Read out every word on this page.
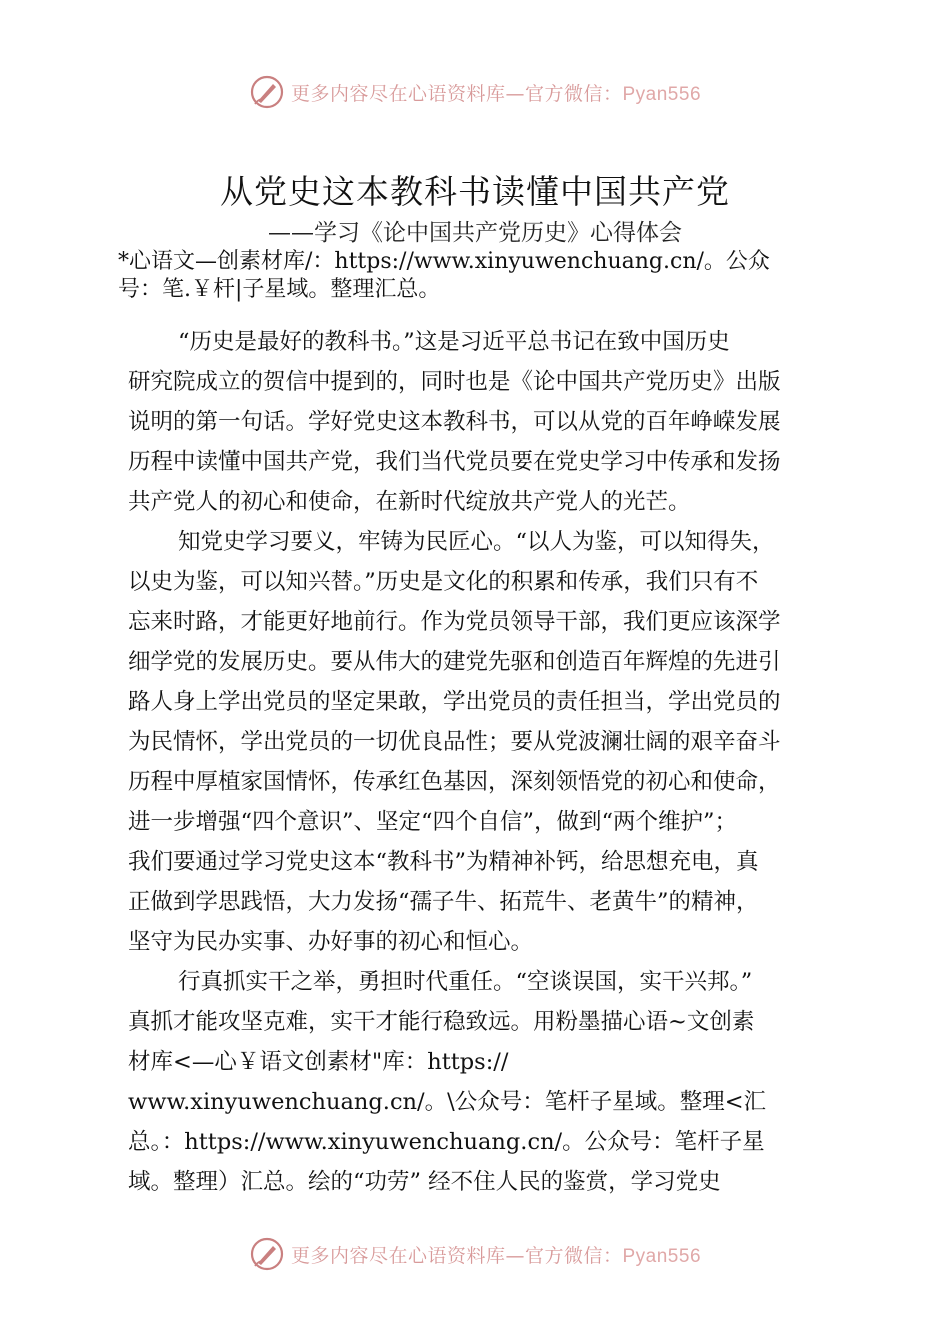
更多内容尽在心语资料库—官方微信：Pyan556
从党史这本教科书读懂中国共产党
——学习《论中国共产党历史》心得体会
*心语文—创素材库/：https://www.xinyuwenchuang.cn/。公众
号：笔.￥杆|子星域。整理汇总。
“历史是最好的教科书。”这是习近平总书记在致中国历史
研究院成立的贺信中提到的，同时也是《论中国共产党历史》出版
说明的第一句话。学好党史这本教科书，可以从党的百年峥嵘发展
历程中读懂中国共产党，我们当代党员要在党史学习中传承和发扬
共产党人的初心和使命，在新时代绽放共产党人的光芒。
知党史学习要义，牢铸为民匠心。“以人为鉴，可以知得失，
以史为鉴，可以知兴替。”历史是文化的积累和传承，我们只有不
忘来时路，才能更好地前行。作为党员领导干部，我们更应该深学
细学党的发展历史。要从伟大的建党先驱和创造百年辉煌的先进引
路人身上学出党员的坚定果敢，学出党员的责任担当，学出党员的
为民情怀，学出党员的一切优良品性；要从党波澜壮阔的艰辛奋斗
历程中厚植家国情怀，传承红色基因，深刻领悟党的初心和使命，
进一步增强“四个意识”、坚定“四个自信”，做到“两个维护”；
我们要通过学习党史这本“教科书”为精神补钙，给思想充电，真
正做到学思践悟，大力发扬“孺子牛、拓荒牛、老黄牛”的精神，
坚守为民办实事、办好事的初心和恒心。
行真抓实干之举，勇担时代重任。“空谈误国，实干兴邦。”
真抓才能攻坚克难，实干才能行稳致远。用粉墨描心语~文创素
材库<—心￥语文创素材"库：https://
www.xinyuwenchuang.cn/。\公众号：笔杆子星域。整理<汇
总。：https://www.xinyuwenchuang.cn/。公众号：笔杆子星
域。整理）汇总。绘的“功劳” 经不住人民的鉴赏，学习党史
更多内容尽在心语资料库—官方微信：Pyan556
